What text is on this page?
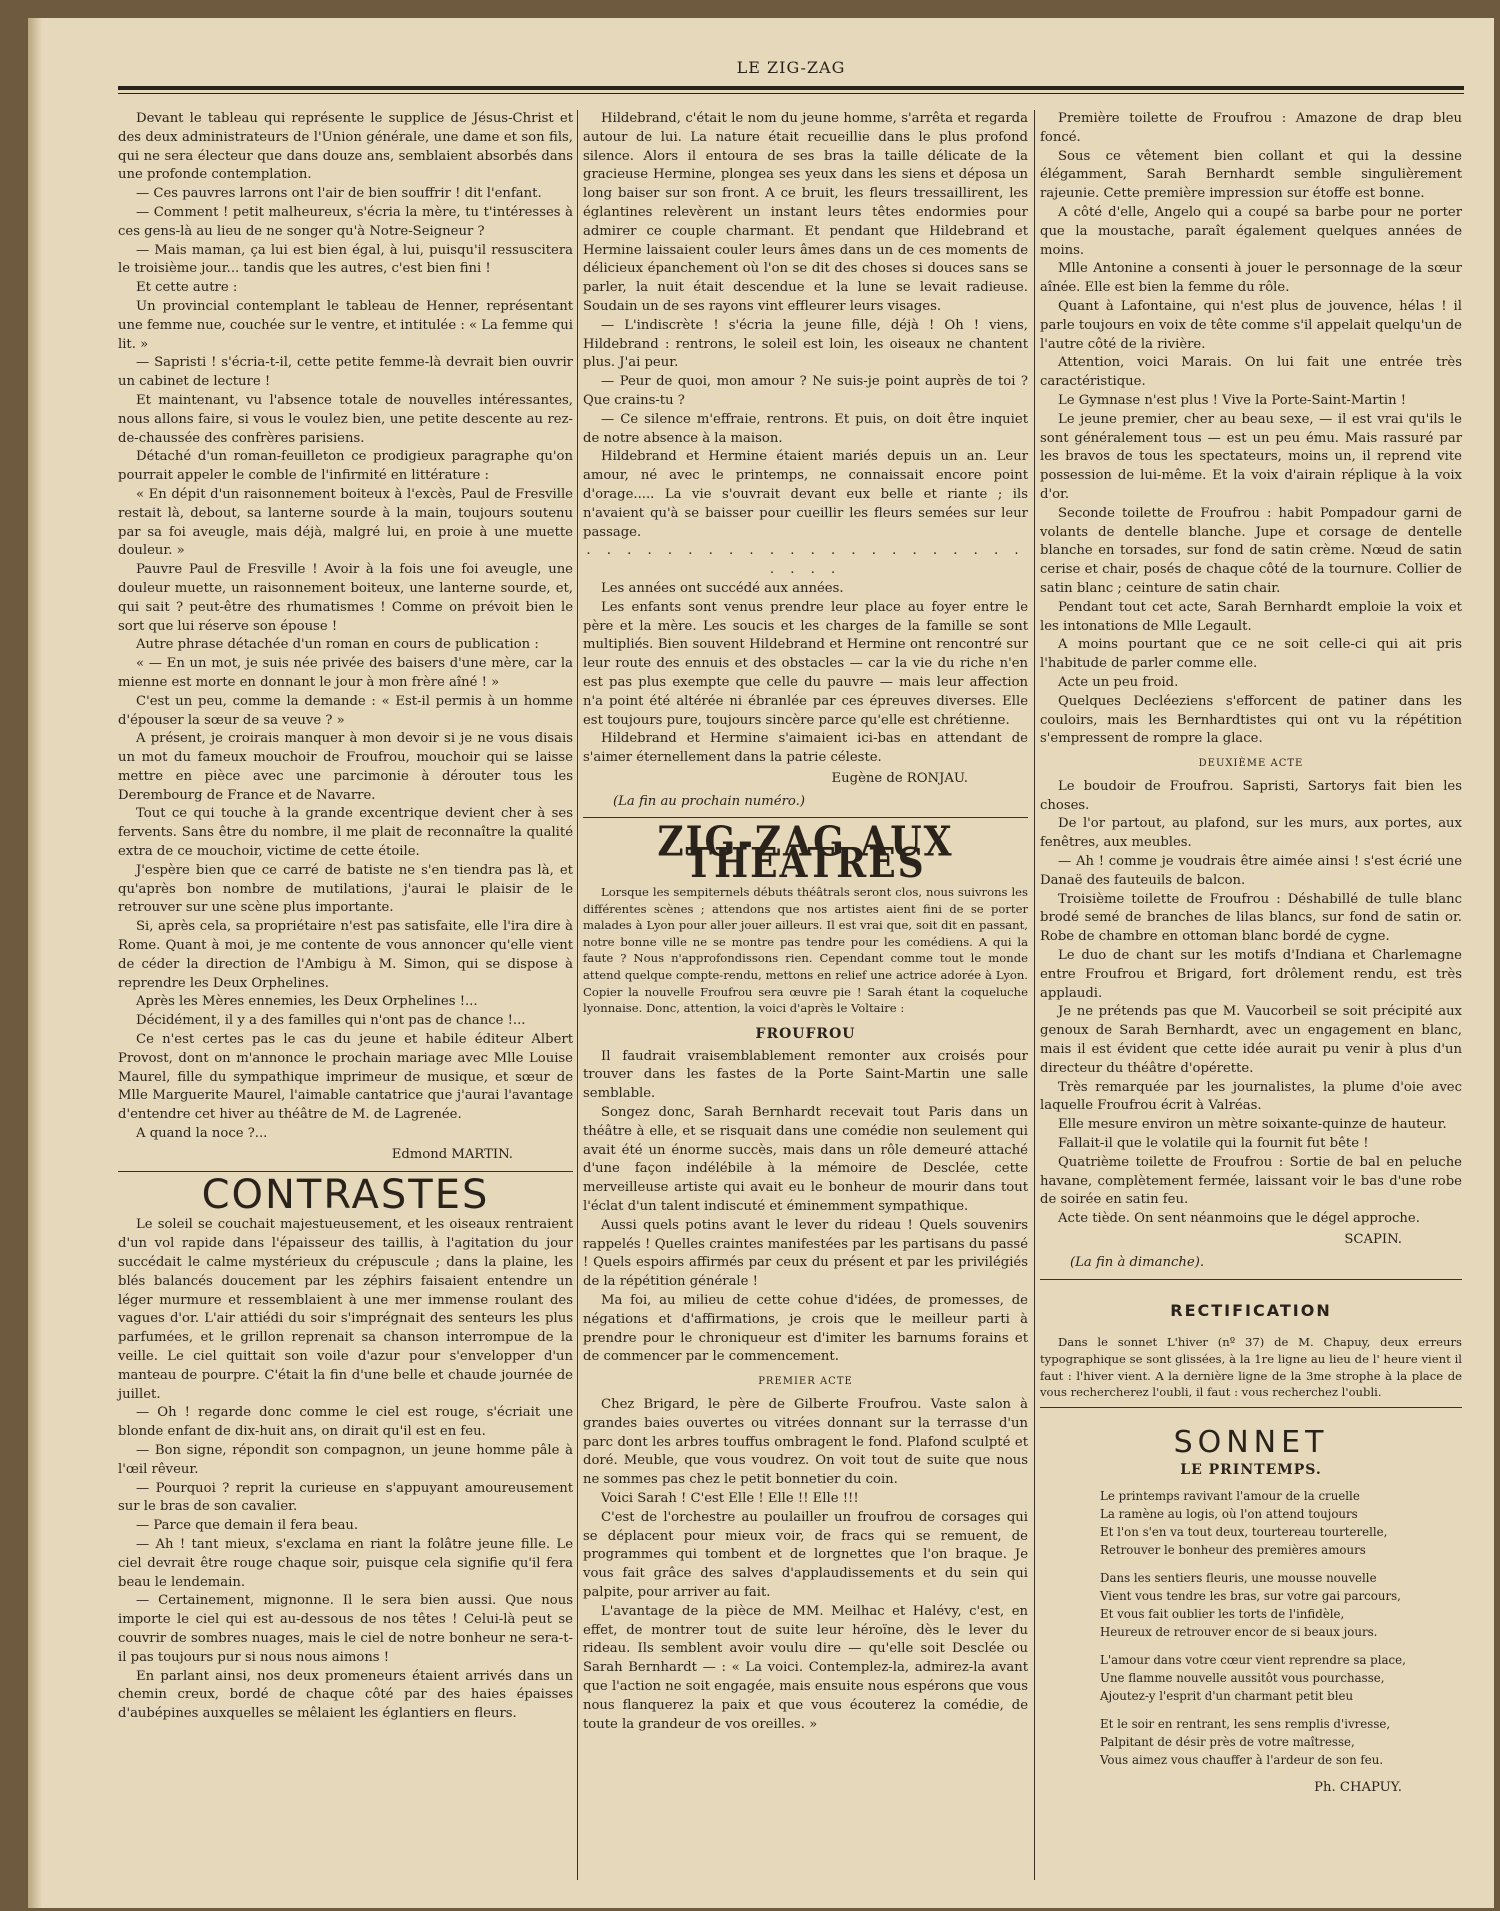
LE ZIG-ZAG

Devant le tableau qui représente le supplice de Jésus-Christ et des deux administrateurs de l'Union générale, une dame et son fils, qui ne sera électeur que dans douze ans, semblaient absorbés dans une profonde contemplation.

— Ces pauvres larrons ont l'air de bien souffrir ! dit l'enfant.

— Comment ! petit malheureux, s'écria la mère, tu t'intéresses à ces gens-là au lieu de ne songer qu'à Notre-Seigneur ?

— Mais maman, ça lui est bien égal, à lui, puisqu'il ressuscitera le troisième jour... tandis que les autres, c'est bien fini !

Et cette autre :

Un provincial contemplant le tableau de Henner, représentant une femme nue, couchée sur le ventre, et intitulée : « La femme qui lit. »

— Sapristi ! s'écria-t-il, cette petite femme-là devrait bien ouvrir un cabinet de lecture !

Et maintenant, vu l'absence totale de nouvelles intéressantes, nous allons faire, si vous le voulez bien, une petite descente au rez-de-chaussée des confrères parisiens.

Détaché d'un roman-feuilleton ce prodigieux paragraphe qu'on pourrait appeler le comble de l'infirmité en littérature :

« En dépit d'un raisonnement boiteux à l'excès, Paul de Fresville restait là, debout, sa lanterne sourde à la main, toujours soutenu par sa foi aveugle, mais déjà, malgré lui, en proie à une muette douleur. »

Pauvre Paul de Fresville ! Avoir à la fois une foi aveugle, une douleur muette, un raisonnement boiteux, une lanterne sourde, et, qui sait ? peut-être des rhumatismes ! Comme on prévoit bien le sort que lui réserve son épouse !

Autre phrase détachée d'un roman en cours de publication :

« — En un mot, je suis née privée des baisers d'une mère, car la mienne est morte en donnant le jour à mon frère aîné ! »

C'est un peu, comme la demande : « Est-il permis à un homme d'épouser la sœur de sa veuve ? »

A présent, je croirais manquer à mon devoir si je ne vous disais un mot du fameux mouchoir de Froufrou, mouchoir qui se laisse mettre en pièce avec une parcimonie à dérouter tous les Derembourg de France et de Navarre.

Tout ce qui touche à la grande excentrique devient cher à ses fervents. Sans être du nombre, il me plait de reconnaître la qualité extra de ce mouchoir, victime de cette étoile.

J'espère bien que ce carré de batiste ne s'en tiendra pas là, et qu'après bon nombre de mutilations, j'aurai le plaisir de le retrouver sur une scène plus importante.

Si, après cela, sa propriétaire n'est pas satisfaite, elle l'ira dire à Rome. Quant à moi, je me contente de vous annoncer qu'elle vient de céder la direction de l'Ambigu à M. Simon, qui se dispose à reprendre les Deux Orphelines.

Après les Mères ennemies, les Deux Orphelines !...

Décidément, il y a des familles qui n'ont pas de chance !...

Ce n'est certes pas le cas du jeune et habile éditeur Albert Provost, dont on m'annonce le prochain mariage avec Mlle Louise Maurel, fille du sympathique imprimeur de musique, et sœur de Mlle Marguerite Maurel, l'aimable cantatrice que j'aurai l'avantage d'entendre cet hiver au théâtre de M. de Lagrenée.

A quand la noce ?...

Edmond MARTIN.
CONTRASTES

Le soleil se couchait majestueusement, et les oiseaux rentraient d'un vol rapide dans l'épaisseur des taillis, à l'agitation du jour succédait le calme mystérieux du crépuscule ; dans la plaine, les blés balancés doucement par les zéphirs faisaient entendre un léger murmure et ressemblaient à une mer immense roulant des vagues d'or. L'air attiédi du soir s'imprégnait des senteurs les plus parfumées, et le grillon reprenait sa chanson interrompue de la veille. Le ciel quittait son voile d'azur pour s'envelopper d'un manteau de pourpre. C'était la fin d'une belle et chaude journée de juillet.

— Oh ! regarde donc comme le ciel est rouge, s'écriait une blonde enfant de dix-huit ans, on dirait qu'il est en feu.

— Bon signe, répondit son compagnon, un jeune homme pâle à l'œil rêveur.

— Pourquoi ? reprit la curieuse en s'appuyant amoureusement sur le bras de son cavalier.

— Parce que demain il fera beau.

— Ah ! tant mieux, s'exclama en riant la folâtre jeune fille. Le ciel devrait être rouge chaque soir, puisque cela signifie qu'il fera beau le lendemain.

— Certainement, mignonne. Il le sera bien aussi. Que nous importe le ciel qui est au-dessous de nos têtes ! Celui-là peut se couvrir de sombres nuages, mais le ciel de notre bonheur ne sera-t-il pas toujours pur si nous nous aimons !

En parlant ainsi, nos deux promeneurs étaient arrivés dans un chemin creux, bordé de chaque côté par des haies épaisses d'aubépines auxquelles se mêlaient les églantiers en fleurs.

Hildebrand, c'était le nom du jeune homme, s'arrêta et regarda autour de lui. La nature était recueillie dans le plus profond silence. Alors il entoura de ses bras la taille délicate de la gracieuse Hermine, plongea ses yeux dans les siens et déposa un long baiser sur son front. A ce bruit, les fleurs tressaillirent, les églantines relevèrent un instant leurs têtes endormies pour admirer ce couple charmant. Et pendant que Hildebrand et Hermine laissaient couler leurs âmes dans un de ces moments de délicieux épanchement où l'on se dit des choses si douces sans se parler, la nuit était descendue et la lune se levait radieuse. Soudain un de ses rayons vint effleurer leurs visages.

— L'indiscrète ! s'écria la jeune fille, déjà ! Oh ! viens, Hildebrand : rentrons, le soleil est loin, les oiseaux ne chantent plus. J'ai peur.

— Peur de quoi, mon amour ? Ne suis-je point auprès de toi ? Que crains-tu ?

— Ce silence m'effraie, rentrons. Et puis, on doit être inquiet de notre absence à la maison.

Hildebrand et Hermine étaient mariés depuis un an. Leur amour, né avec le printemps, ne connaissait encore point d'orage..... La vie s'ouvrait devant eux belle et riante ; ils n'avaient qu'à se baisser pour cueillir les fleurs semées sur leur passage.

. . . . . . . . . . . . . . . . . . . . . . . . . .

Les années ont succédé aux années.

Les enfants sont venus prendre leur place au foyer entre le père et la mère. Les soucis et les charges de la famille se sont multipliés. Bien souvent Hildebrand et Hermine ont rencontré sur leur route des ennuis et des obstacles — car la vie du riche n'en est pas plus exempte que celle du pauvre — mais leur affection n'a point été altérée ni ébranlée par ces épreuves diverses. Elle est toujours pure, toujours sincère parce qu'elle est chrétienne.

Hildebrand et Hermine s'aimaient ici-bas en attendant de s'aimer éternellement dans la patrie céleste.

Eugène de RONJAU.
(La fin au prochain numéro.)
ZIG-ZAG AUX THÉATRES

Lorsque les sempiternels débuts théâtrals seront clos, nous suivrons les différentes scènes ; attendons que nos artistes aient fini de se porter malades à Lyon pour aller jouer ailleurs. Il est vrai que, soit dit en passant, notre bonne ville ne se montre pas tendre pour les comédiens. A qui la faute ? Nous n'approfondissons rien. Cependant comme tout le monde attend quelque compte-rendu, mettons en relief une actrice adorée à Lyon. Copier la nouvelle Froufrou sera œuvre pie ! Sarah étant la coqueluche lyonnaise. Donc, attention, la voici d'après le Voltaire :

FROUFROU

Il faudrait vraisemblablement remonter aux croisés pour trouver dans les fastes de la Porte Saint-Martin une salle semblable.

Songez donc, Sarah Bernhardt recevait tout Paris dans un théâtre à elle, et se risquait dans une comédie non seulement qui avait été un énorme succès, mais dans un rôle demeuré attaché d'une façon indélébile à la mémoire de Desclée, cette merveilleuse artiste qui avait eu le bonheur de mourir dans tout l'éclat d'un talent indiscuté et éminemment sympathique.

Aussi quels potins avant le lever du rideau ! Quels souvenirs rappelés ! Quelles craintes manifestées par les partisans du passé ! Quels espoirs affirmés par ceux du présent et par les privilégiés de la répétition générale !

Ma foi, au milieu de cette cohue d'idées, de promesses, de négations et d'affirmations, je crois que le meilleur parti à prendre pour le chroniqueur est d'imiter les barnums forains et de commencer par le commencement.

PREMIER ACTE

Chez Brigard, le père de Gilberte Froufrou. Vaste salon à grandes baies ouvertes ou vitrées donnant sur la terrasse d'un parc dont les arbres touffus ombragent le fond. Plafond sculpté et doré. Meuble, que vous voudrez. On voit tout de suite que nous ne sommes pas chez le petit bonnetier du coin.

Voici Sarah ! C'est Elle ! Elle !! Elle !!!

C'est de l'orchestre au poulailler un froufrou de corsages qui se déplacent pour mieux voir, de fracs qui se remuent, de programmes qui tombent et de lorgnettes que l'on braque. Je vous fait grâce des salves d'applaudissements et du sein qui palpite, pour arriver au fait.

L'avantage de la pièce de MM. Meilhac et Halévy, c'est, en effet, de montrer tout de suite leur héroïne, dès le lever du rideau. Ils semblent avoir voulu dire — qu'elle soit Desclée ou Sarah Bernhardt — : « La voici. Contemplez-la, admirez-la avant que l'action ne soit engagée, mais ensuite nous espérons que vous nous flanquerez la paix et que vous écouterez la comédie, de toute la grandeur de vos oreilles. »

Première toilette de Froufrou : Amazone de drap bleu foncé.

Sous ce vêtement bien collant et qui la dessine élégamment, Sarah Bernhardt semble singulièrement rajeunie. Cette première impression sur étoffe est bonne.

A côté d'elle, Angelo qui a coupé sa barbe pour ne porter que la moustache, paraît également quelques années de moins.

Mlle Antonine a consenti à jouer le personnage de la sœur aînée. Elle est bien la femme du rôle.

Quant à Lafontaine, qui n'est plus de jouvence, hélas ! il parle toujours en voix de tête comme s'il appelait quelqu'un de l'autre côté de la rivière.

Attention, voici Marais. On lui fait une entrée très caractéristique.

Le Gymnase n'est plus ! Vive la Porte-Saint-Martin !

Le jeune premier, cher au beau sexe, — il est vrai qu'ils le sont généralement tous — est un peu ému. Mais rassuré par les bravos de tous les spectateurs, moins un, il reprend vite possession de lui-même. Et la voix d'airain réplique à la voix d'or.

Seconde toilette de Froufrou : habit Pompadour garni de volants de dentelle blanche. Jupe et corsage de dentelle blanche en torsades, sur fond de satin crème. Nœud de satin cerise et chair, posés de chaque côté de la tournure. Collier de satin blanc ; ceinture de satin chair.

Pendant tout cet acte, Sarah Bernhardt emploie la voix et les intonations de Mlle Legault.

A moins pourtant que ce ne soit celle-ci qui ait pris l'habitude de parler comme elle.

Acte un peu froid.

Quelques Decléeziens s'efforcent de patiner dans les couloirs, mais les Bernhardtistes qui ont vu la répétition s'empressent de rompre la glace.

DEUXIÈME ACTE

Le boudoir de Froufrou. Sapristi, Sartorys fait bien les choses.

De l'or partout, au plafond, sur les murs, aux portes, aux fenêtres, aux meubles.

— Ah ! comme je voudrais être aimée ainsi ! s'est écrié une Danaë des fauteuils de balcon.

Troisième toilette de Froufrou : Déshabillé de tulle blanc brodé semé de branches de lilas blancs, sur fond de satin or. Robe de chambre en ottoman blanc bordé de cygne.

Le duo de chant sur les motifs d'Indiana et Charlemagne entre Froufrou et Brigard, fort drôlement rendu, est très applaudi.

Je ne prétends pas que M. Vaucorbeil se soit précipité aux genoux de Sarah Bernhardt, avec un engagement en blanc, mais il est évident que cette idée aurait pu venir à plus d'un directeur du théâtre d'opérette.

Très remarquée par les journalistes, la plume d'oie avec laquelle Froufrou écrit à Valréas.

Elle mesure environ un mètre soixante-quinze de hauteur.

Fallait-il que le volatile qui la fournit fut bête !

Quatrième toilette de Froufrou : Sortie de bal en peluche havane, complètement fermée, laissant voir le bas d'une robe de soirée en satin feu.

Acte tiède. On sent néanmoins que le dégel approche.

SCAPIN.
(La fin à dimanche).
RECTIFICATION

Dans le sonnet L'hiver (nº 37) de M. Chapuy, deux erreurs typographique se sont glissées, à la 1re ligne au lieu de l' heure vient il faut : l'hiver vient. A la dernière ligne de la 3me strophe à la place de vous rechercherez l'oubli, il faut : vous recherchez l'oubli.

SONNET
LE PRINTEMPS.
Le printemps ravivant l'amour de la cruelle
La ramène au logis, où l'on attend toujours
Et l'on s'en va tout deux, tourtereau tourterelle,
Retrouver le bonheur des premières amours
Dans les sentiers fleuris, une mousse nouvelle
Vient vous tendre les bras, sur votre gai parcours,
Et vous fait oublier les torts de l'infidèle,
Heureux de retrouver encor de si beaux jours.
L'amour dans votre cœur vient reprendre sa place,
Une flamme nouvelle aussitôt vous pourchasse,
Ajoutez-y l'esprit d'un charmant petit bleu
Et le soir en rentrant, les sens remplis d'ivresse,
Palpitant de désir près de votre maîtresse,
Vous aimez vous chauffer à l'ardeur de son feu.
Ph. CHAPUY.
